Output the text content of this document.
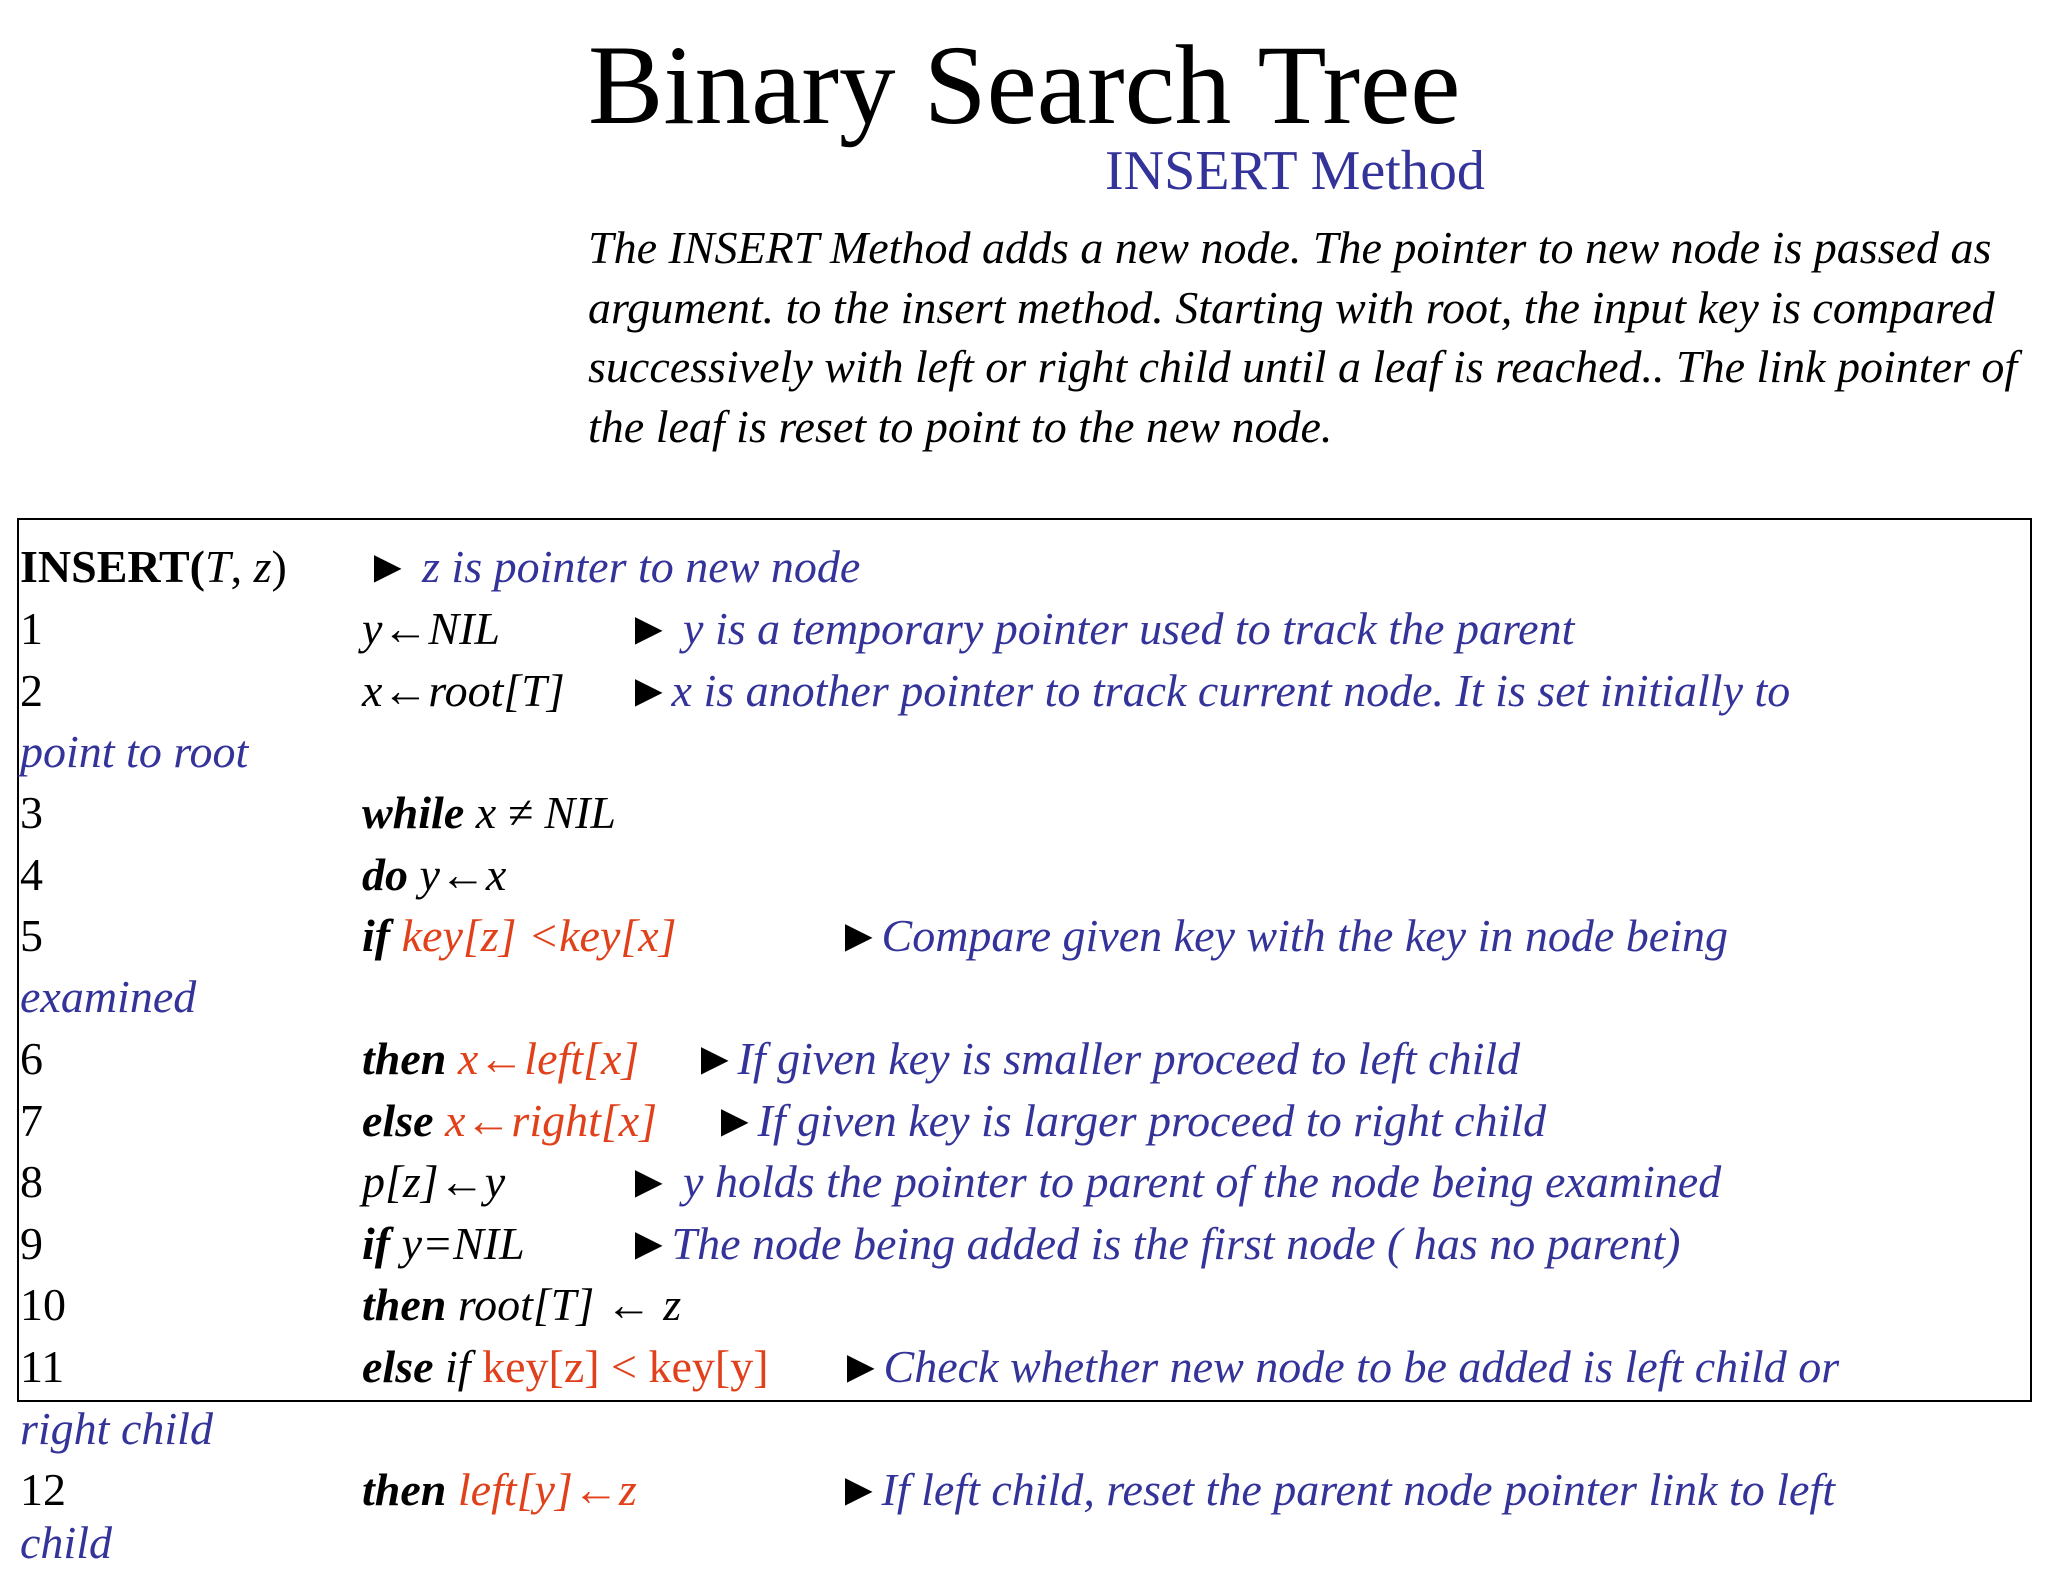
Binary Search Tree
INSERT Method

The INSERT Method adds a new node. The pointer to new node is passed as argument. to the insert method. Starting with root, the input key is compared successively with left or right child until a leaf is reached.. The link pointer of the leaf is reset to point to the new node.

INSERT(T, z) ► z is pointer to new node
1	y←NIL	► y is a temporary pointer used to track the parent
2	x←root[T] ►x is another pointer to track current node. It is set initially to
point to root
3	while x ≠ NIL
4	do y←x
5	if key[z] <key[x]	►Compare given key with the key in node being
examined
6	then x←left[x] ►If given key is smaller proceed to left child
7	else x←right[x] ►If given key is larger proceed to right child
8	p[z]←y	► y holds the pointer to parent of the node being examined
9	if y=NIL ►The node being added is the first node ( has no parent)
10	then root[T] ← z
11	else if key[z] < key[y] ►Check whether new node to be added is left child or
right child
12	then left[y]←z	►If left child, reset the parent node pointer link to left
child
